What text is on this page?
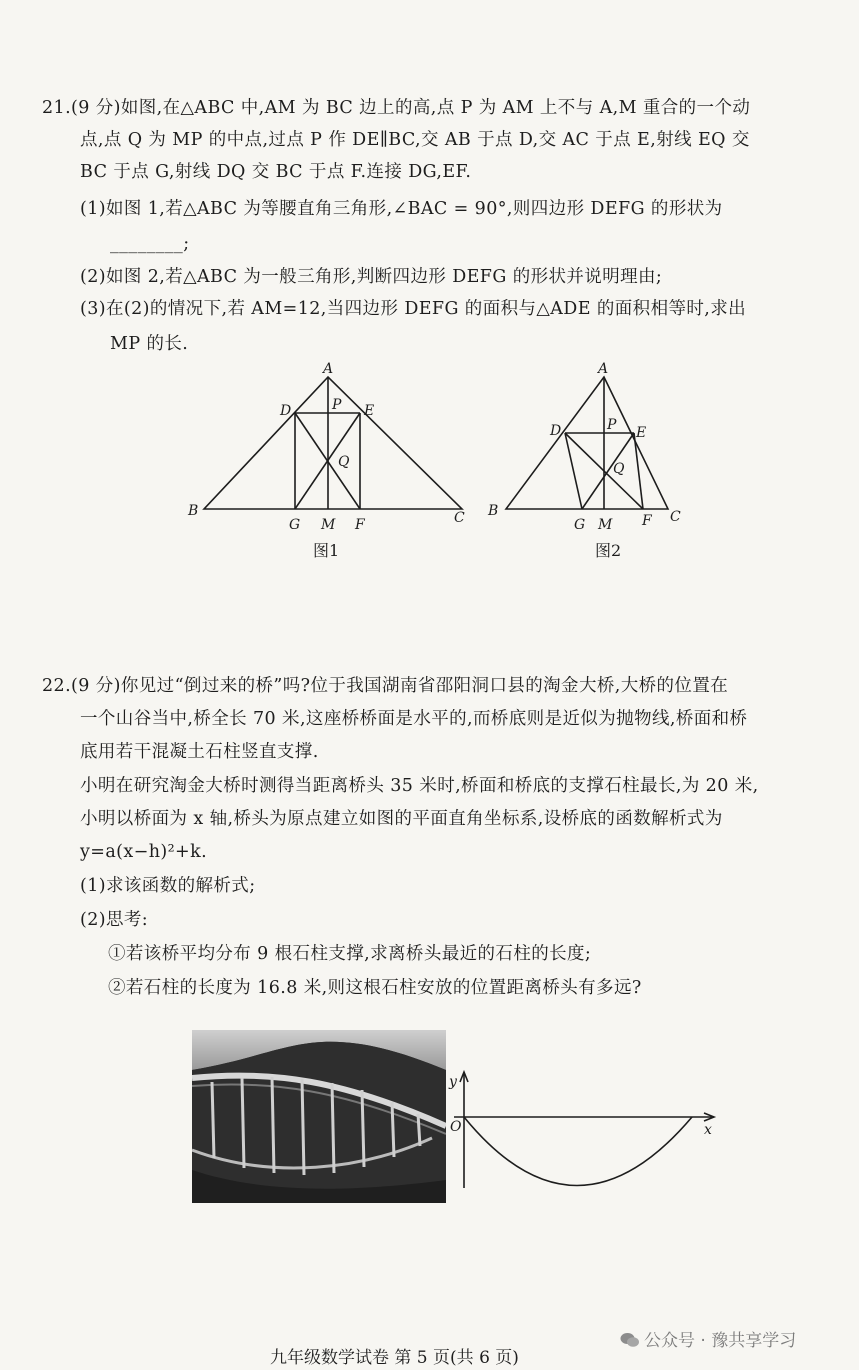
21.(9 分)如图,在△ABC 中,AM 为 BC 边上的高,点 P 为 AM 上不与 A,M 重合的一个动
点,点 Q 为 MP 的中点,过点 P 作 DE∥BC,交 AB 于点 D,交 AC 于点 E,射线 EQ 交
BC 于点 G,射线 DQ 交 BC 于点 F.连接 DG,EF.
(1)如图 1,若△ABC 为等腰直角三角形,∠BAC = 90°,则四边形 DEFG 的形状为
________;
(2)如图 2,若△ABC 为一般三角形,判断四边形 DEFG 的形状并说明理由;
(3)在(2)的情况下,若 AM=12,当四边形 DEFG 的面积与△ADE 的面积相等时,求出
MP 的长.
A
B	C
D	E
P
Q
G M F
图1
A
B	C
D	E
P
Q
G M F
图2
22.(9 分)你见过“倒过来的桥”吗?位于我国湖南省邵阳洞口县的淘金大桥,大桥的位置在
一个山谷当中,桥全长 70 米,这座桥桥面是水平的,而桥底则是近似为抛物线,桥面和桥
底用若干混凝土石柱竖直支撑.
小明在研究淘金大桥时测得当距离桥头 35 米时,桥面和桥底的支撑石柱最长,为 20 米,
小明以桥面为 x 轴,桥头为原点建立如图的平面直角坐标系,设桥底的函数解析式为
y=a(x−h)²+k.
(1)求该函数的解析式;
(2)思考:
①若该桥平均分布 9 根石柱支撑,求离桥头最近的石柱的长度;
②若石柱的长度为 16.8 米,则这根石柱安放的位置距离桥头有多远?
y
x
O
九年级数学试卷 第 5 页(共 6 页)
公众号 · 豫共享学习
